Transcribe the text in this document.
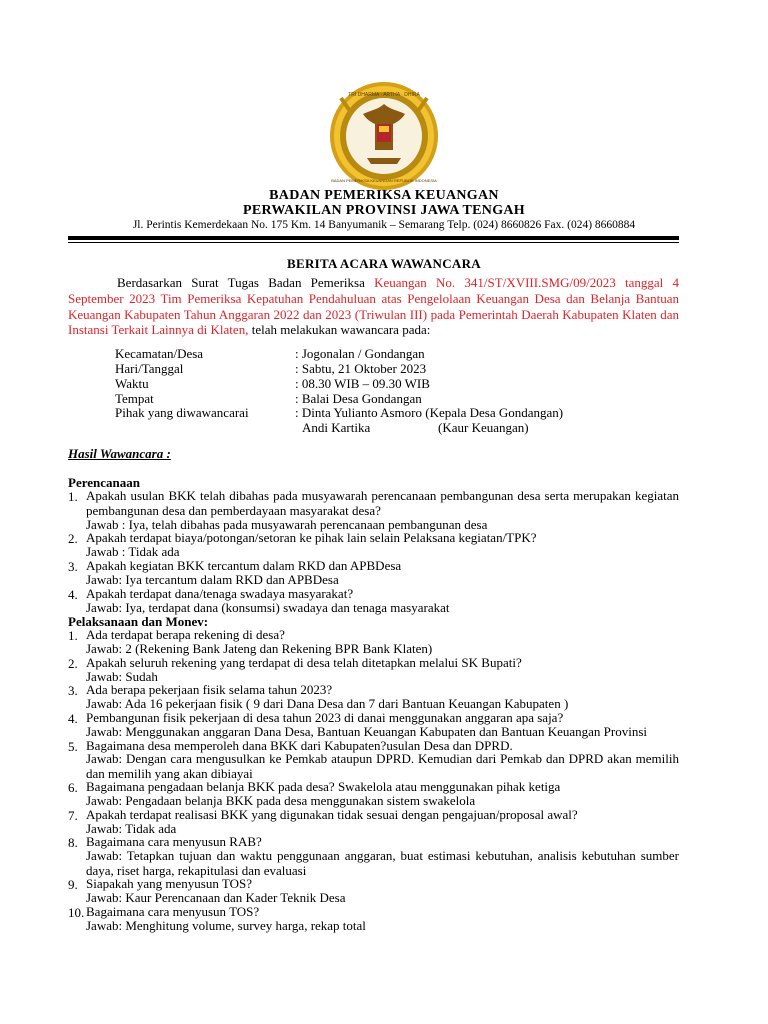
TRI DHARMA · ARTHA · DHIRA
BADAN PEMERIKSA KEUANGAN REPUBLIK INDONESIA
BADAN PEMERIKSA KEUANGAN
PERWAKILAN PROVINSI JAWA TENGAH
Jl. Perintis Kemerdekaan No. 175 Km. 14 Banyumanik – Semarang Telp. (024) 8660826 Fax. (024) 8660884
BERITA ACARA WAWANCARA
Berdasarkan Surat Tugas Badan Pemeriksa Keuangan No. 341/ST/XVIII.SMG/09/2023 tanggal 4 September 2023 Tim Pemeriksa Kepatuhan Pendahuluan atas Pengelolaan Keuangan Desa dan Belanja Bantuan Keuangan Kabupaten Tahun Anggaran 2022 dan 2023 (Triwulan III) pada Pemerintah Daerah Kabupaten Klaten dan Instansi Terkait Lainnya di Klaten, telah melakukan wawancara pada:
Kecamatan/Desa	: Jogonalan / Gondangan
Hari/Tanggal	: Sabtu, 21 Oktober 2023
Waktu	: 08.30 WIB – 09.30 WIB
Tempat	: Balai Desa Gondangan
Pihak yang diwawancarai	: Dinta Yulianto Asmoro (Kepala Desa Gondangan)
Andi Kartika	(Kaur Keuangan)
Hasil Wawancara :
Perencanaan
1. Apakah usulan BKK telah dibahas pada musyawarah perencanaan pembangunan desa serta merupakan kegiatan pembangunan desa dan pemberdayaan masyarakat desa?
Jawab : Iya, telah dibahas pada musyawarah perencanaan pembangunan desa
2. Apakah terdapat biaya/potongan/setoran ke pihak lain selain Pelaksana kegiatan/TPK?
Jawab : Tidak ada
3. Apakah kegiatan BKK tercantum dalam RKD dan APBDesa
Jawab: Iya tercantum dalam RKD dan APBDesa
4. Apakah terdapat dana/tenaga swadaya masyarakat?
Jawab: Iya, terdapat dana (konsumsi) swadaya dan tenaga masyarakat
Pelaksanaan dan Monev:
1. Ada terdapat berapa rekening di desa?
Jawab: 2 (Rekening Bank Jateng dan Rekening BPR Bank Klaten)
2. Apakah seluruh rekening yang terdapat di desa telah ditetapkan melalui SK Bupati?
Jawab: Sudah
3. Ada berapa pekerjaan fisik selama tahun 2023?
Jawab: Ada 16 pekerjaan fisik ( 9 dari Dana Desa dan 7 dari Bantuan Keuangan Kabupaten )
4. Pembangunan fisik pekerjaan di desa tahun 2023 di danai menggunakan anggaran apa saja?
Jawab: Menggunakan anggaran Dana Desa, Bantuan Keuangan Kabupaten dan Bantuan Keuangan Provinsi
5. Bagaimana desa memperoleh dana BKK dari Kabupaten?usulan Desa dan DPRD.
Jawab: Dengan cara mengusulkan ke Pemkab ataupun DPRD. Kemudian dari Pemkab dan DPRD akan memilih dan memilih yang akan dibiayai
6. Bagaimana pengadaan belanja BKK pada desa? Swakelola atau menggunakan pihak ketiga
Jawab: Pengadaan belanja BKK pada desa menggunakan sistem swakelola
7. Apakah terdapat realisasi BKK yang digunakan tidak sesuai dengan pengajuan/proposal awal?
Jawab: Tidak ada
8. Bagaimana cara menyusun RAB?
Jawab: Tetapkan tujuan dan waktu penggunaan anggaran, buat estimasi kebutuhan, analisis kebutuhan sumber daya, riset harga, rekapitulasi dan evaluasi
9. Siapakah yang menyusun TOS?
Jawab: Kaur Perencanaan dan Kader Teknik Desa
10. Bagaimana cara menyusun TOS?
Jawab: Menghitung volume, survey harga, rekap total
